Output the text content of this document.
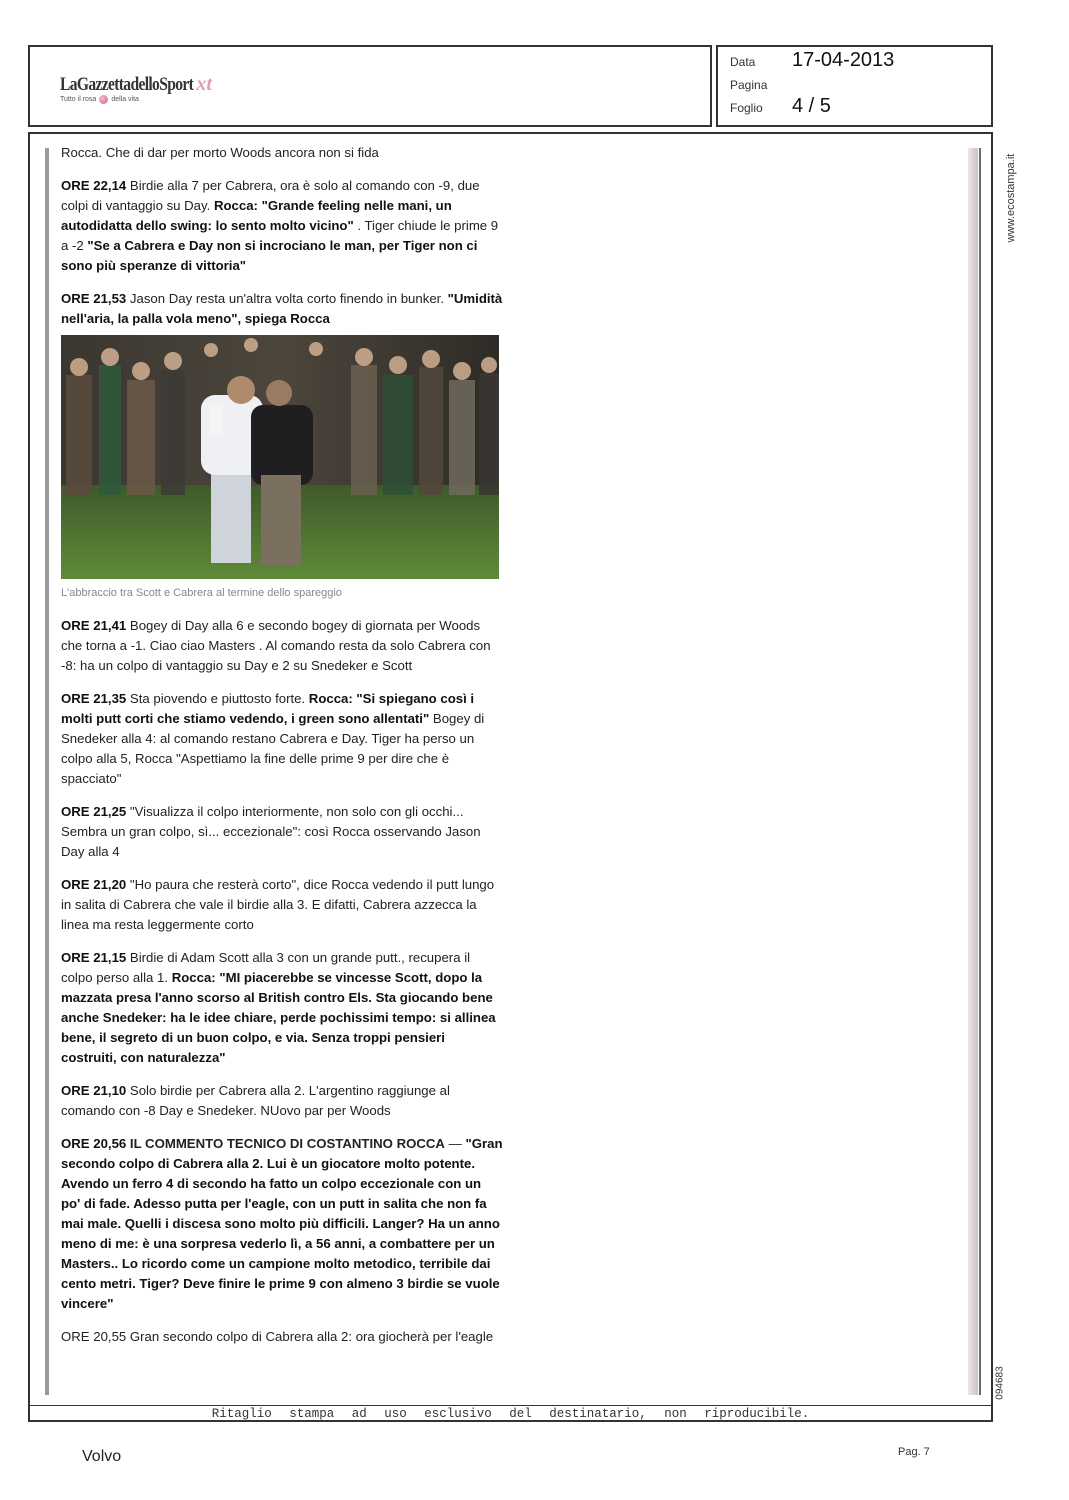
LaGazzettadelloSport xt
Tutto il rosa della vita
Data 17-04-2013
Pagina
Foglio 4 / 5

Rocca. Che di dar per morto Woods ancora non si fida

ORE 22,14 Birdie alla 7 per Cabrera, ora è solo al comando con -9, due colpi di vantaggio su Day. Rocca: "Grande feeling nelle mani, un autodidatta dello swing: lo sento molto vicino" . Tiger chiude le prime 9 a -2 "Se a Cabrera e Day non si incrociano le man, per Tiger non ci sono più speranze di vittoria"

ORE 21,53 Jason Day resta un'altra volta corto finendo in bunker. "Umidità nell'aria, la palla vola meno", spiega Rocca

L'abbraccio tra Scott e Cabrera al termine dello spareggio

ORE 21,41 Bogey di Day alla 6 e secondo bogey di giornata per Woods che torna a -1. Ciao ciao Masters . Al comando resta da solo Cabrera con -8: ha un colpo di vantaggio su Day e 2 su Snedeker e Scott

ORE 21,35 Sta piovendo e piuttosto forte. Rocca: "Si spiegano così i molti putt corti che stiamo vedendo, i green sono allentati" Bogey di Snedeker alla 4: al comando restano Cabrera e Day. Tiger ha perso un colpo alla 5, Rocca "Aspettiamo la fine delle prime 9 per dire che è spacciato"

ORE 21,25 "Visualizza il colpo interiormente, non solo con gli occhi... Sembra un gran colpo, sì... eccezionale": così Rocca osservando Jason Day alla 4

ORE 21,20 "Ho paura che resterà corto", dice Rocca vedendo il putt lungo in salita di Cabrera che vale il birdie alla 3. E difatti, Cabrera azzecca la linea ma resta leggermente corto

ORE 21,15 Birdie di Adam Scott alla 3 con un grande putt., recupera il colpo perso alla 1. Rocca: "MI piacerebbe se vincesse Scott, dopo la mazzata presa l'anno scorso al British contro Els. Sta giocando bene anche Snedeker: ha le idee chiare, perde pochissimi tempo: si allinea bene, il segreto di un buon colpo, e via. Senza troppi pensieri costruiti, con naturalezza"

ORE 21,10 Solo birdie per Cabrera alla 2. L'argentino raggiunge al comando con -8 Day e Snedeker. NUovo par per Woods

ORE 20,56 IL COMMENTO TECNICO DI COSTANTINO ROCCA — "Gran secondo colpo di Cabrera alla 2. Lui è un giocatore molto potente. Avendo un ferro 4 di secondo ha fatto un colpo eccezionale con un po' di fade. Adesso putta per l'eagle, con un putt in salita che non fa mai male. Quelli i discesa sono molto più difficili. Langer? Ha un anno meno di me: è una sorpresa vederlo lì, a 56 anni, a combattere per un Masters.. Lo ricordo come un campione molto metodico, terribile dai cento metri. Tiger? Deve finire le prime 9 con almeno 3 birdie se vuole vincere"

ORE 20,55 Gran secondo colpo di Cabrera alla 2: ora giocherà per l'eagle

Ritaglio stampa ad uso esclusivo del destinatario, non riproducibile.
www.ecostampa.it
094683
Volvo	Pag. 7
